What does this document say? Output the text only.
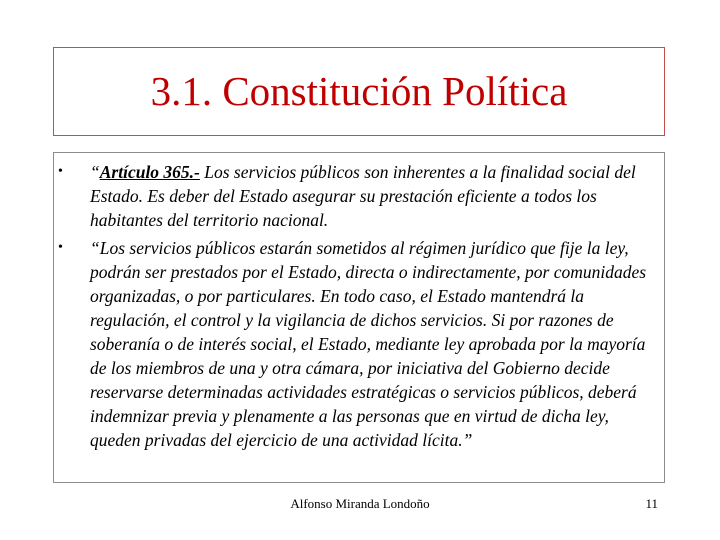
3.1. Constitución Política
• “Artículo 365.- Los servicios públicos son inherentes a la finalidad social del Estado. Es deber del Estado asegurar su prestación eficiente a todos los habitantes del territorio nacional.
• “Los servicios públicos estarán sometidos al régimen jurídico que fije la ley, podrán ser prestados por el Estado, directa o indirectamente, por comunidades organizadas, o por particulares. En todo caso, el Estado mantendrá la regulación, el control y la vigilancia de dichos servicios. Si por razones de soberanía o de interés social, el Estado, mediante ley aprobada por la mayoría de los miembros de una y otra cámara, por iniciativa del Gobierno decide reservarse determinadas actividades estratégicas o servicios públicos, deberá indemnizar previa y plenamente a las personas que en virtud de dicha ley, queden privadas del ejercicio de una actividad lícita.”
Alfonso Miranda Londoño	11
